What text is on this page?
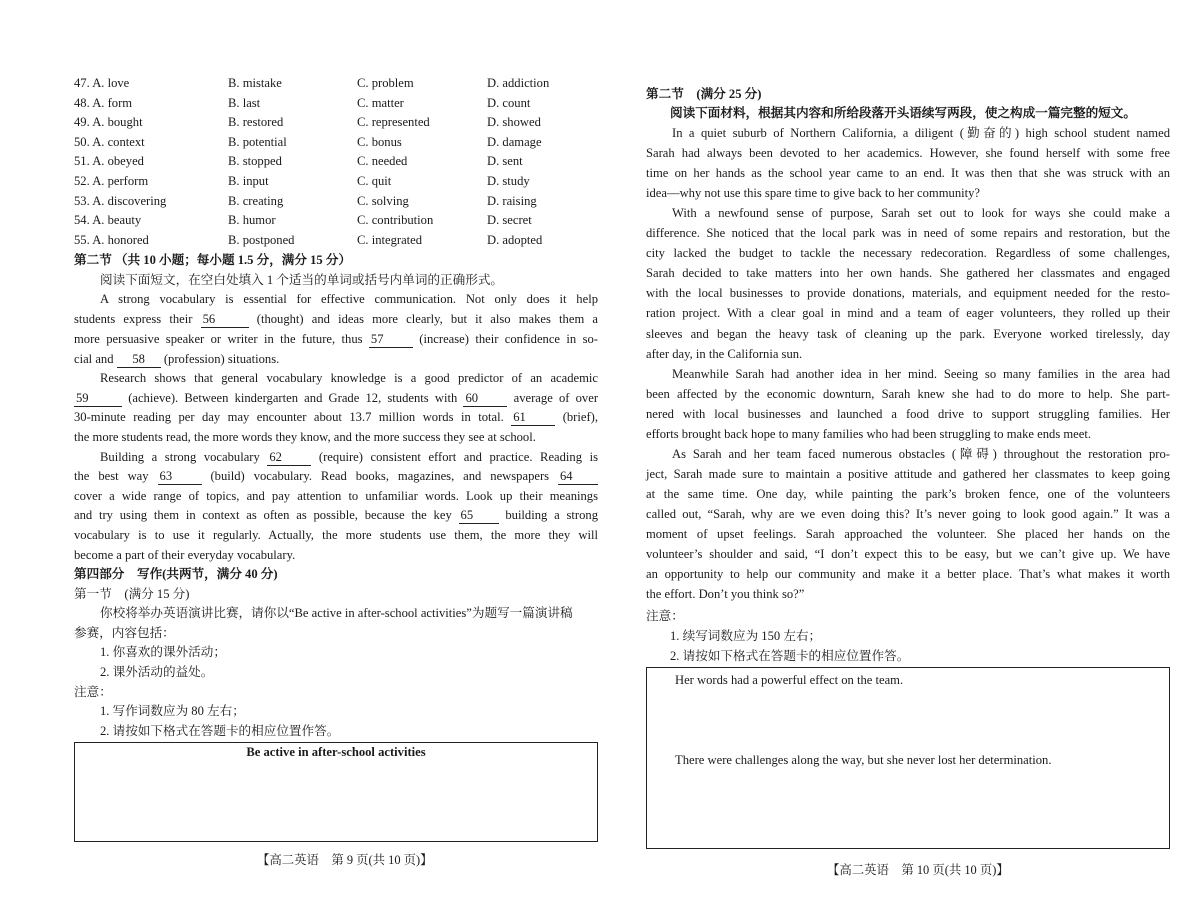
47. A. love	B. mistake	C. problem	D. addiction
48. A. form	B. last	C. matter	D. count
49. A. bought	B. restored	C. represented	D. showed
50. A. context	B. potential	C. bonus	D. damage
51. A. obeyed	B. stopped	C. needed	D. sent
52. A. perform	B. input	C. quit	D. study
53. A. discovering	B. creating	C. solving	D. raising
54. A. beauty	B. humor	C. contribution	D. secret
55. A. honored	B. postponed	C. integrated	D. adopted
第二节 （共 10 小题；每小题 1.5 分，满分 15 分）
阅读下面短文，在空白处填入 1 个适当的单词或括号内单词的正确形式。
A strong vocabulary is essential for effective communication. Not only does it help
students express their 56	(thought) and ideas more clearly, but it also makes them a
more persuasive speaker or writer in the future, thus 57	(increase) their confidence in so-
cial and 58 (profession) situations.
Research shows that general vocabulary knowledge is a good predictor of an academic
59	(achieve). Between kindergarten and Grade 12, students with 60	average of over
30-minute reading per day may encounter about 13.7 million words in total. 61	(brief),
the more students read, the more words they know, and the more success they see at school.
Building a strong vocabulary 62	(require) consistent effort and practice. Reading is
the best way 63	(build) vocabulary. Read books, magazines, and newspapers 64
cover a wide range of topics, and pay attention to unfamiliar words. Look up their meanings
and try using them in context as often as possible, because the key 65	building a strong
vocabulary is to use it regularly. Actually, the more students use them, the more they will
become a part of their everyday vocabulary.
第四部分　写作(共两节，满分 40 分)
第一节　(满分 15 分)
你校将举办英语演讲比赛，请你以“Be active in after-school activities”为题写一篇演讲稿
参赛，内容包括：
1. 你喜欢的课外活动；
2. 课外活动的益处。
注意：
1. 写作词数应为 80 左右；
2. 请按如下格式在答题卡的相应位置作答。
Be active in after-school activities
【高二英语　第 9 页(共 10 页)】
第二节　(满分 25 分)
阅读下面材料，根据其内容和所给段落开头语续写两段，使之构成一篇完整的短文。
In a quiet suburb of Northern California, a diligent (勤奋的) high school student named
Sarah had always been devoted to her academics. However, she found herself with some free
time on her hands as the school year came to an end. It was then that she was struck with an
idea—why not use this spare time to give back to her community?
With a newfound sense of purpose, Sarah set out to look for ways she could make a
difference. She noticed that the local park was in need of some repairs and restoration, but the
city lacked the budget to tackle the necessary redecoration. Regardless of some challenges,
Sarah decided to take matters into her own hands. She gathered her classmates and engaged
with the local businesses to provide donations, materials, and equipment needed for the resto-
ration project. With a clear goal in mind and a team of eager volunteers, they rolled up their
sleeves and began the heavy task of cleaning up the park. Everyone worked tirelessly, day
after day, in the California sun.
Meanwhile Sarah had another idea in her mind. Seeing so many families in the area had
been affected by the economic downturn, Sarah knew she had to do more to help. She part-
nered with local businesses and launched a food drive to support struggling families. Her
efforts brought back hope to many families who had been struggling to make ends meet.
As Sarah and her team faced numerous obstacles (障碍) throughout the restoration pro-
ject, Sarah made sure to maintain a positive attitude and gathered her classmates to keep going
at the same time. One day, while painting the park’s broken fence, one of the volunteers
called out, “Sarah, why are we even doing this? It’s never going to look good again.” It was a
moment of upset feelings. Sarah approached the volunteer. She placed her hands on the
volunteer’s shoulder and said, “I don’t expect this to be easy, but we can’t give up. We have
an opportunity to help our community and make it a better place. That’s what makes it worth
the effort. Don’t you think so?”
注意：
1. 续写词数应为 150 左右；
2. 请按如下格式在答题卡的相应位置作答。
Her words had a powerful effect on the team.
There were challenges along the way, but she never lost her determination.
【高二英语　第 10 页(共 10 页)】
